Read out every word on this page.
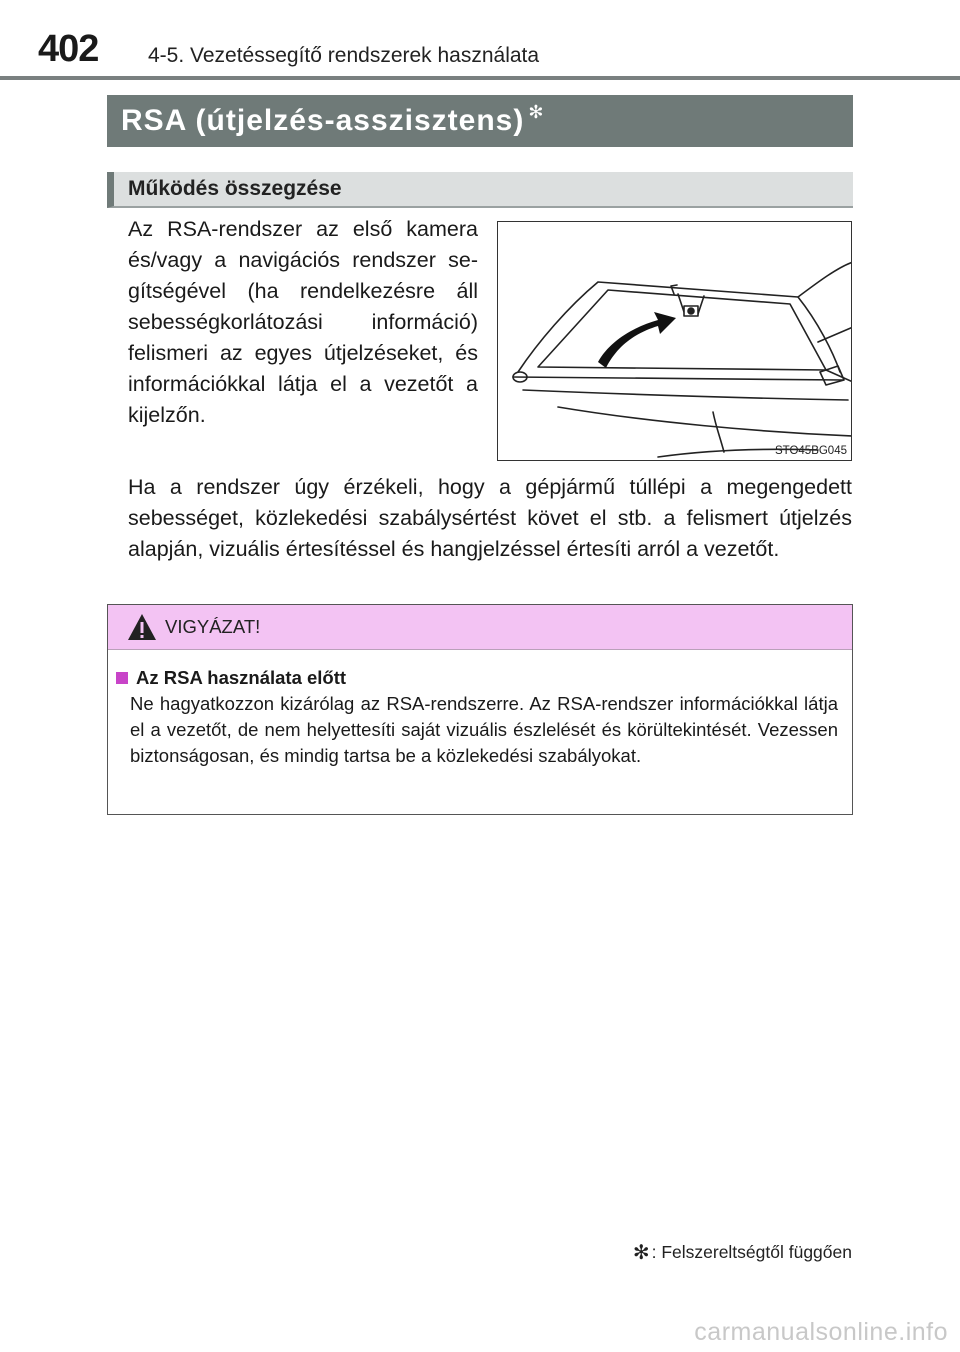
402 4-5. Vezetéssegítő rendszerek használata
RSA (útjelzés-asszisztens) ✻
Működés összegzése
Az RSA-rendszer az első kamera és/vagy a navigációs rendszer segítségével (ha rendelkezésre áll sebességkorlátozási információ) felismeri az egyes útjelzéseket, és információkkal látja el a vezetőt a kijelzőn.
STO45BG045
Ha a rendszer úgy érzékeli, hogy a gépjármű túllépi a megengedett sebességet, közlekedési szabálysértést követ el stb. a felismert útjelzés alapján, vizuális értesítéssel és hangjelzéssel értesíti arról a vezetőt.
VIGYÁZAT!
Az RSA használata előtt
Ne hagyatkozzon kizárólag az RSA-rendszerre. Az RSA-rendszer információkkal látja el a vezetőt, de nem helyettesíti saját vizuális észlelését és körültekintését. Vezessen biztonságosan, és mindig tartsa be a közlekedési szabályokat.
✻ : Felszereltségtől függően
carmanualsonline.info
